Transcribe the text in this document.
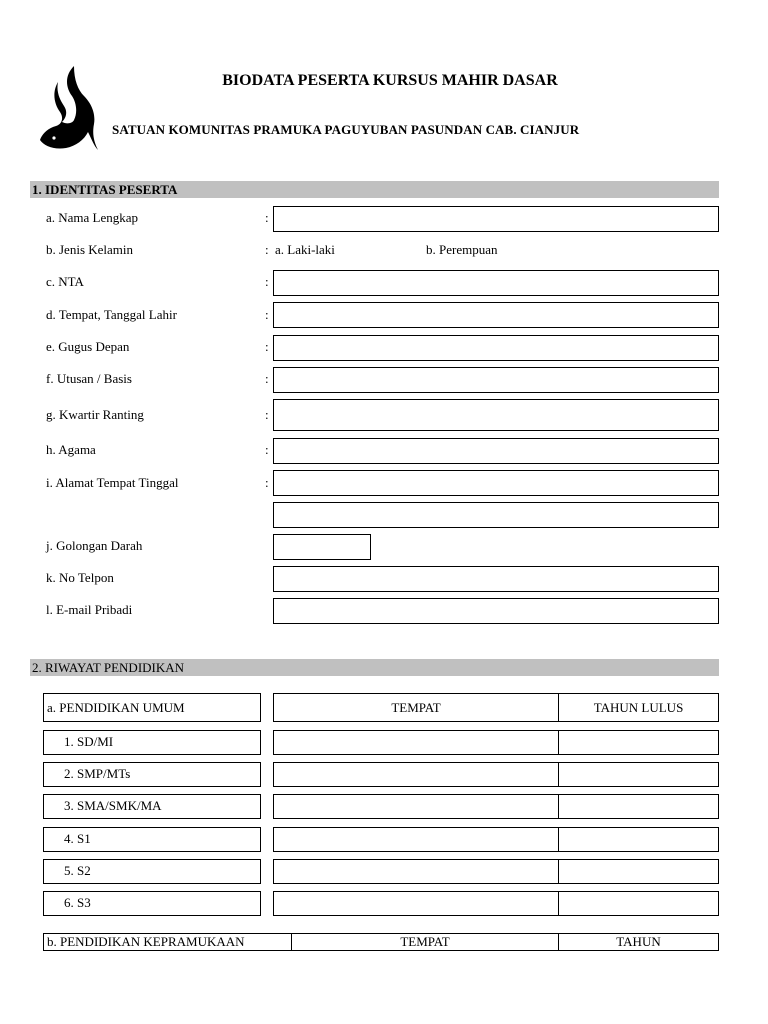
BIODATA PESERTA KURSUS MAHIR DASAR
SATUAN KOMUNITAS PRAMUKA PAGUYUBAN PASUNDAN CAB. CIANJUR
1. IDENTITAS PESERTA
a. Nama Lengkap	:
b. Jenis Kelamin	: a. Laki-laki	b. Perempuan
c. NTA	:
d. Tempat, Tanggal Lahir	:
e. Gugus Depan	:
f. Utusan / Basis	:
g. Kwartir Ranting	:
h. Agama	:
i. Alamat Tempat Tinggal	:
j. Golongan Darah
k. No Telpon
l. E-mail Pribadi
2. RIWAYAT PENDIDIKAN
a. PENDIDIKAN UMUM	TEMPAT	TAHUN LULUS
1. SD/MI
2. SMP/MTs
3. SMA/SMK/MA
4. S1
5. S2
6. S3
b. PENDIDIKAN KEPRAMUKAAN	TEMPAT	TAHUN
